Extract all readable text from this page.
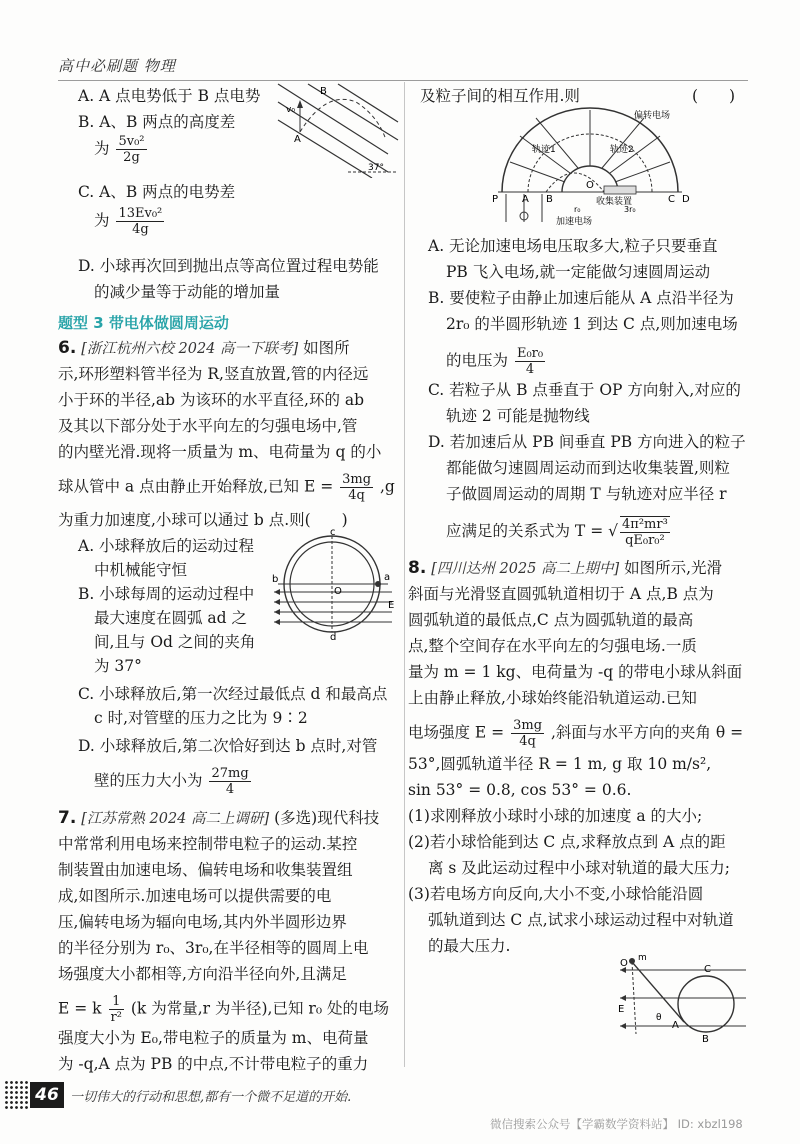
高中必刷题 物理
A. A 点电势低于 B 点电势
B. A、B 两点的高度差
为 $\frac{\text{5v₀²}}{2g}$
C. A、B 两点的电势差
为 $\frac{\text{13Ev₀²}}{4g}$
D. 小球再次回到抛出点等高位置过程电势能
的减少量等于动能的增加量
A
B
v₀
37°
题型 3 带电体做圆周运动
6. [浙江杭州六校 2024 高一下联考] 如图所
示,环形塑料管半径为 R,竖直放置,管的内径远
小于环的半径,ab 为该环的水平直径,环的 ab
及其以下部分处于水平向左的匀强电场中,管
的内壁光滑.现将一质量为 m、电荷量为 q 的小
球从管中 a 点由静止开始释放,已知 $E = \frac{3mg}{4q} ,g$
为重力加速度,小球可以通过 b 点.则(　　)
A. 小球释放后的运动过程
中机械能守恒
B. 小球每周的运动过程中
最大速度在圆弧 ad 之
间,且与 Od 之间的夹角
为 37°
C. 小球释放后,第一次经过最低点 d 和最高点
c 时,对管壁的压力之比为 9∶2
D. 小球释放后,第二次恰好到达 b 点时,对管
壁的压力大小为 $\frac{27mg}{4}$
c
d
b	a
O
E
7. [江苏常熟 2024 高二上调研] (多选)现代科技
中常常利用电场来控制带电粒子的运动.某控
制装置由加速电场、偏转电场和收集装置组
成,如图所示.加速电场可以提供需要的电
压,偏转电场为辐向电场,其内外半圆形边界
的半径分别为 r₀、3r₀,在半径相等的圆周上电
场强度大小都相等,方向沿半径向外,且满足
E = k $\frac{1}{\text{r²}} (k$ 为常量,r 为半径),已知 r₀ 处的电场
强度大小为 E₀,带电粒子的质量为 m、电荷量
为 -q,A 点为 PB 的中点,不计带电粒子的重力
及粒子间的相互作用.则	(　　)
偏转电场
轨迹1	轨迹2
收集装置
加速电场
P A B
O
C D
r₀	3r₀
A. 无论加速电场电压取多大,粒子只要垂直
PB 飞入电场,就一定能做匀速圆周运动
B. 要使粒子由静止加速后能从 A 点沿半径为
2r₀ 的半圆形轨迹 1 到达 C 点,则加速电场
的电压为 $\frac{\text{E₀r₀}}{4}$
C. 若粒子从 B 点垂直于 OP 方向射入,对应的
轨迹 2 可能是抛物线
D. 若加速后从 PB 间垂直 PB 方向进入的粒子
都能做匀速圆周运动而到达收集装置,则粒
子做圆周运动的周期 T 与轨迹对应半径 r
应满足的关系式为 T = √ $\frac{\text{4π²mr³}}{\text{qE₀r₀²}}$
8. [四川达州 2025 高二上期中] 如图所示,光滑
斜面与光滑竖直圆弧轨道相切于 A 点,B 点为
圆弧轨道的最低点,C 点为圆弧轨道的最高
点,整个空间存在水平向左的匀强电场.一质
量为 m = 1 kg、电荷量为 -q 的带电小球从斜面
上由静止释放,小球始终能沿轨道运动.已知
电场强度 $E = \frac{3mg}{4q}$ ,斜面与水平方向的夹角 θ =
53°,圆弧轨道半径 R = 1 m, g 取 10 m/s²,
sin 53° = 0.8, cos 53° = 0.6.
(1)求刚释放小球时小球的加速度 a 的大小;
(2)若小球恰能到达 C 点,求释放点到 A 点的距
离 s 及此运动过程中小球对轨道的最大压力;
(3)若电场方向反向,大小不变,小球恰能沿圆
弧轨道到达 C 点,试求小球运动过程中对轨道
的最大压力.
O m
C
E
A
B
θ
46 一切伟大的行动和思想,都有一个微不足道的开始.
微信搜索公众号【学霸数学资料站】 ID: xbzl198
